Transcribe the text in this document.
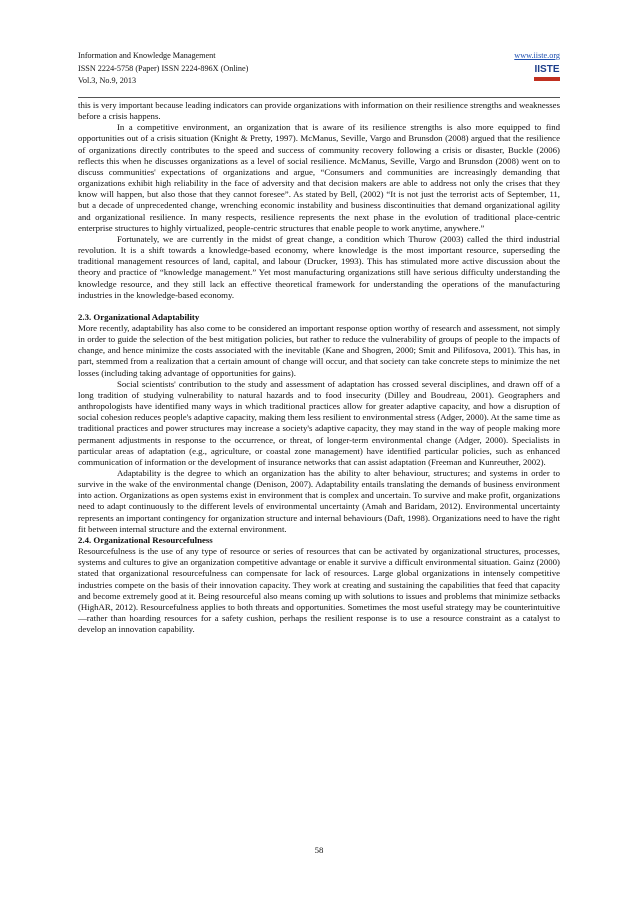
Information and Knowledge Management	www.iiste.org
ISSN 2224-5758 (Paper) ISSN 2224-896X (Online)
Vol.3, No.9, 2013
IISTE

this is very important because leading indicators can provide organizations with information on their resilience strengths and weaknesses before a crisis happens.

In a competitive environment, an organization that is aware of its resilience strengths is also more equipped to find opportunities out of a crisis situation (Knight & Pretty, 1997). McManus, Seville, Vargo and Brunsdon (2008) argued that the resilience of organizations directly contributes to the speed and success of community recovery following a crisis or disaster, Buckle (2006) reflects this when he discusses organizations as a level of social resilience. McManus, Seville, Vargo and Brunsdon (2008) went on to discuss communities' expectations of organizations and argue, “Consumers and communities are increasingly demanding that organizations exhibit high reliability in the face of adversity and that decision makers are able to address not only the crises that they know will happen, but also those that they cannot foresee”. As stated by Bell, (2002) “It is not just the terrorist acts of September, 11, but a decade of unprecedented change, wrenching economic instability and business discontinuities that demand organizational agility and organizational resilience. In many respects, resilience represents the next phase in the evolution of traditional place-centric enterprise structures to highly virtualized, people-centric structures that enable people to work anytime, anywhere.”

Fortunately, we are currently in the midst of great change, a condition which Thurow (2003) called the third industrial revolution. It is a shift towards a knowledge-based economy, where knowledge is the most important resource, superseding the traditional management resources of land, capital, and labour (Drucker, 1993). This has stimulated more active discussion about the theory and practice of “knowledge management.” Yet most manufacturing organizations still have serious difficulty understanding the knowledge resource, and they still lack an effective theoretical framework for understanding the operations of the manufacturing industries in the knowledge-based economy.

2.3. Organizational Adaptability

More recently, adaptability has also come to be considered an important response option worthy of research and assessment, not simply in order to guide the selection of the best mitigation policies, but rather to reduce the vulnerability of groups of people to the impacts of change, and hence minimize the costs associated with the inevitable (Kane and Shogren, 2000; Smit and Pilifosova, 2001). This has, in part, stemmed from a realization that a certain amount of change will occur, and that society can take concrete steps to minimize the net losses (including taking advantage of opportunities for gains).

Social scientists' contribution to the study and assessment of adaptation has crossed several disciplines, and drawn off of a long tradition of studying vulnerability to natural hazards and to food insecurity (Dilley and Boudreau, 2001). Geographers and anthropologists have identified many ways in which traditional practices allow for greater adaptive capacity, and how a disruption of social cohesion reduces people's adaptive capacity, making them less resilient to environmental stress (Adger, 2000). At the same time as traditional practices and power structures may increase a society's adaptive capacity, they may stand in the way of people making more permanent adjustments in response to the occurrence, or threat, of longer-term environmental change (Adger, 2000). Specialists in particular areas of adaptation (e.g., agriculture, or coastal zone management) have identified particular policies, such as enhanced communication of information or the development of insurance networks that can assist adaptation (Freeman and Kunreuther, 2002).

Adaptability is the degree to which an organization has the ability to alter behaviour, structures; and systems in order to survive in the wake of the environmental change (Denison, 2007). Adaptability entails translating the demands of business environment into action. Organizations as open systems exist in environment that is complex and uncertain. To survive and make profit, organizations need to adapt continuously to the different levels of environmental uncertainty (Amah and Baridam, 2012). Environmental uncertainty represents an important contingency for organization structure and internal behaviours (Daft, 1998). Organizations need to have the right fit between internal structure and the external environment.

2.4. Organizational Resourcefulness

Resourcefulness is the use of any type of resource or series of resources that can be activated by organizational structures, processes, systems and cultures to give an organization competitive advantage or enable it survive a difficult environmental situation. Gainz (2000) stated that organizational resourcefulness can compensate for lack of resources. Large global organizations in intensely competitive industries compete on the basis of their innovation capacity. They work at creating and sustaining the capabilities that feed that capacity and become extremely good at it. Being resourceful also means coming up with solutions to issues and problems that minimize setbacks (HighAR, 2012). Resourcefulness applies to both threats and opportunities. Sometimes the most useful strategy may be counterintuitive—rather than hoarding resources for a safety cushion, perhaps the resilient response is to use a resource constraint as a catalyst to develop an innovation capability.

58
